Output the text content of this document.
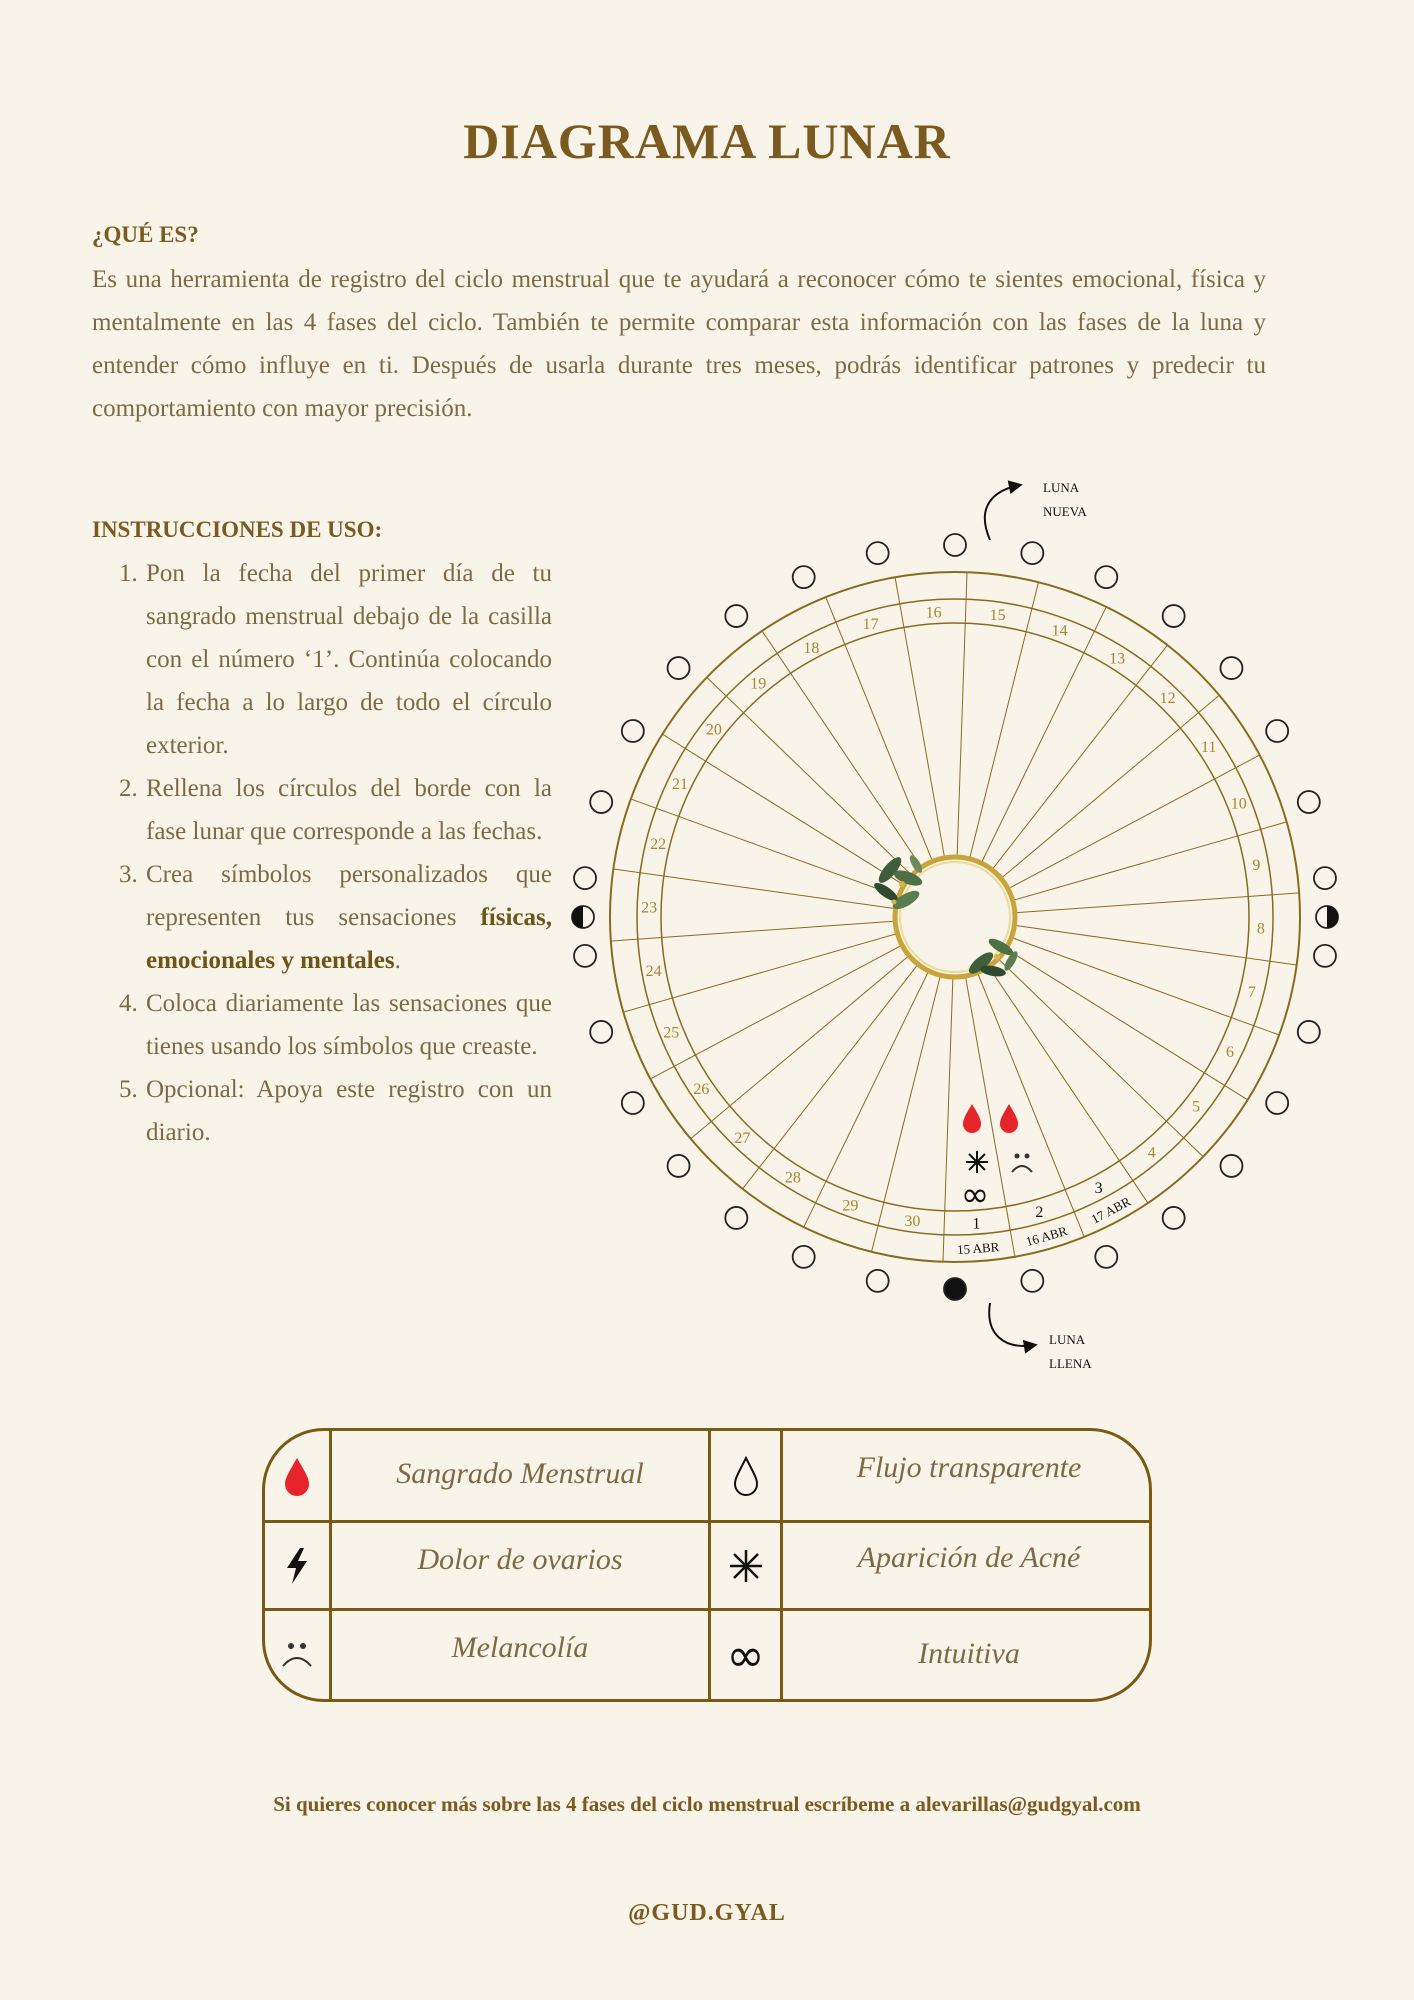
DIAGRAMA LUNAR
¿QUÉ ES?

Es una herramienta de registro del ciclo menstrual que te ayudará a reconocer cómo te sientes emocional, física y mentalmente en las 4 fases del ciclo. También te permite comparar esta información con las fases de la luna y entender cómo influye en ti. Después de usarla durante tres meses, podrás identificar patrones y predecir tu comportamiento con mayor precisión.

INSTRUCCIONES DE USO:
1. Pon la fecha del primer día de tu sangrado menstrual debajo de la casilla con el número ‘1’. Continúa colocando la fecha a lo largo de todo el círculo exterior.
2. Rellena los círculos del borde con la fase lunar que corresponde a las fechas.
3. Crea símbolos personalizados que representen tus sensaciones físicas, emocionales y mentales.
4. Coloca diariamente las sensaciones que tienes usando los símbolos que creaste.
5. Opcional: Apoya este registro con un diario.
1
2
3
4
5
6
7
8
9
10
11
12
13
14
15
16
17
18
19
20
21
22
23
24
25
26
27
28
29
30
15 ABR 16 ABR
17 ABR
∞
LUNA
NUEVA
LUNA
LLENA
Sangrado Menstrual	Flujo transparente
Dolor de ovarios	Aparición de Acné
Melancolía	∞	Intuitiva
Si quieres conocer más sobre las 4 fases del ciclo menstrual escríbeme a alevarillas@gudgyal.com
@GUD.GYAL
